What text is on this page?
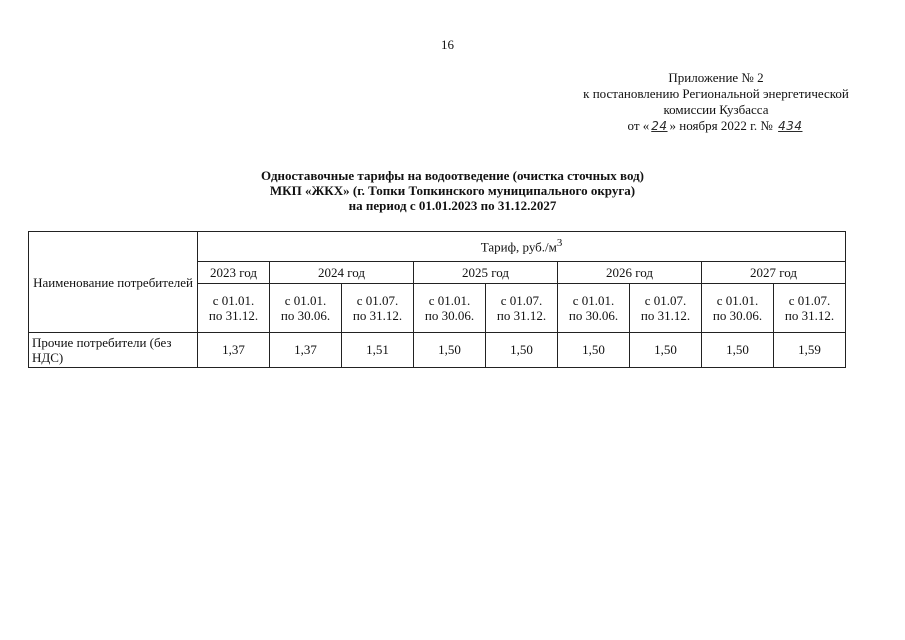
16
Приложение № 2
к постановлению Региональной энергетической
комиссии Кузбасса
от « 24 » ноября 2022 г. № 434
Одноставочные тарифы на водоотведение (очистка сточных вод)
МКП «ЖКХ» (г. Топки Топкинского муниципального округа)
на период с 01.01.2023 по 31.12.2027
Наименование потребителей	Тариф, $руб./м^3$
	2023 год	2024 год		2025 год		2026 год		2027 год	

	с 01.01.
по 31.12.	с 01.01.
по 30.06.	с 01.07.
по 31.12.	с 01.01.
по 30.06.	с 01.07.
по 31.12.	с 01.01.
по 30.06.	с 01.07.
по 31.12.	с 01.01.
по 30.06.	с 01.07.
по 31.12.

Прочие потребители (без НДС)	1,37	1,37	1,51	1,50	1,50	1,50	1,50	1,50	1,59
